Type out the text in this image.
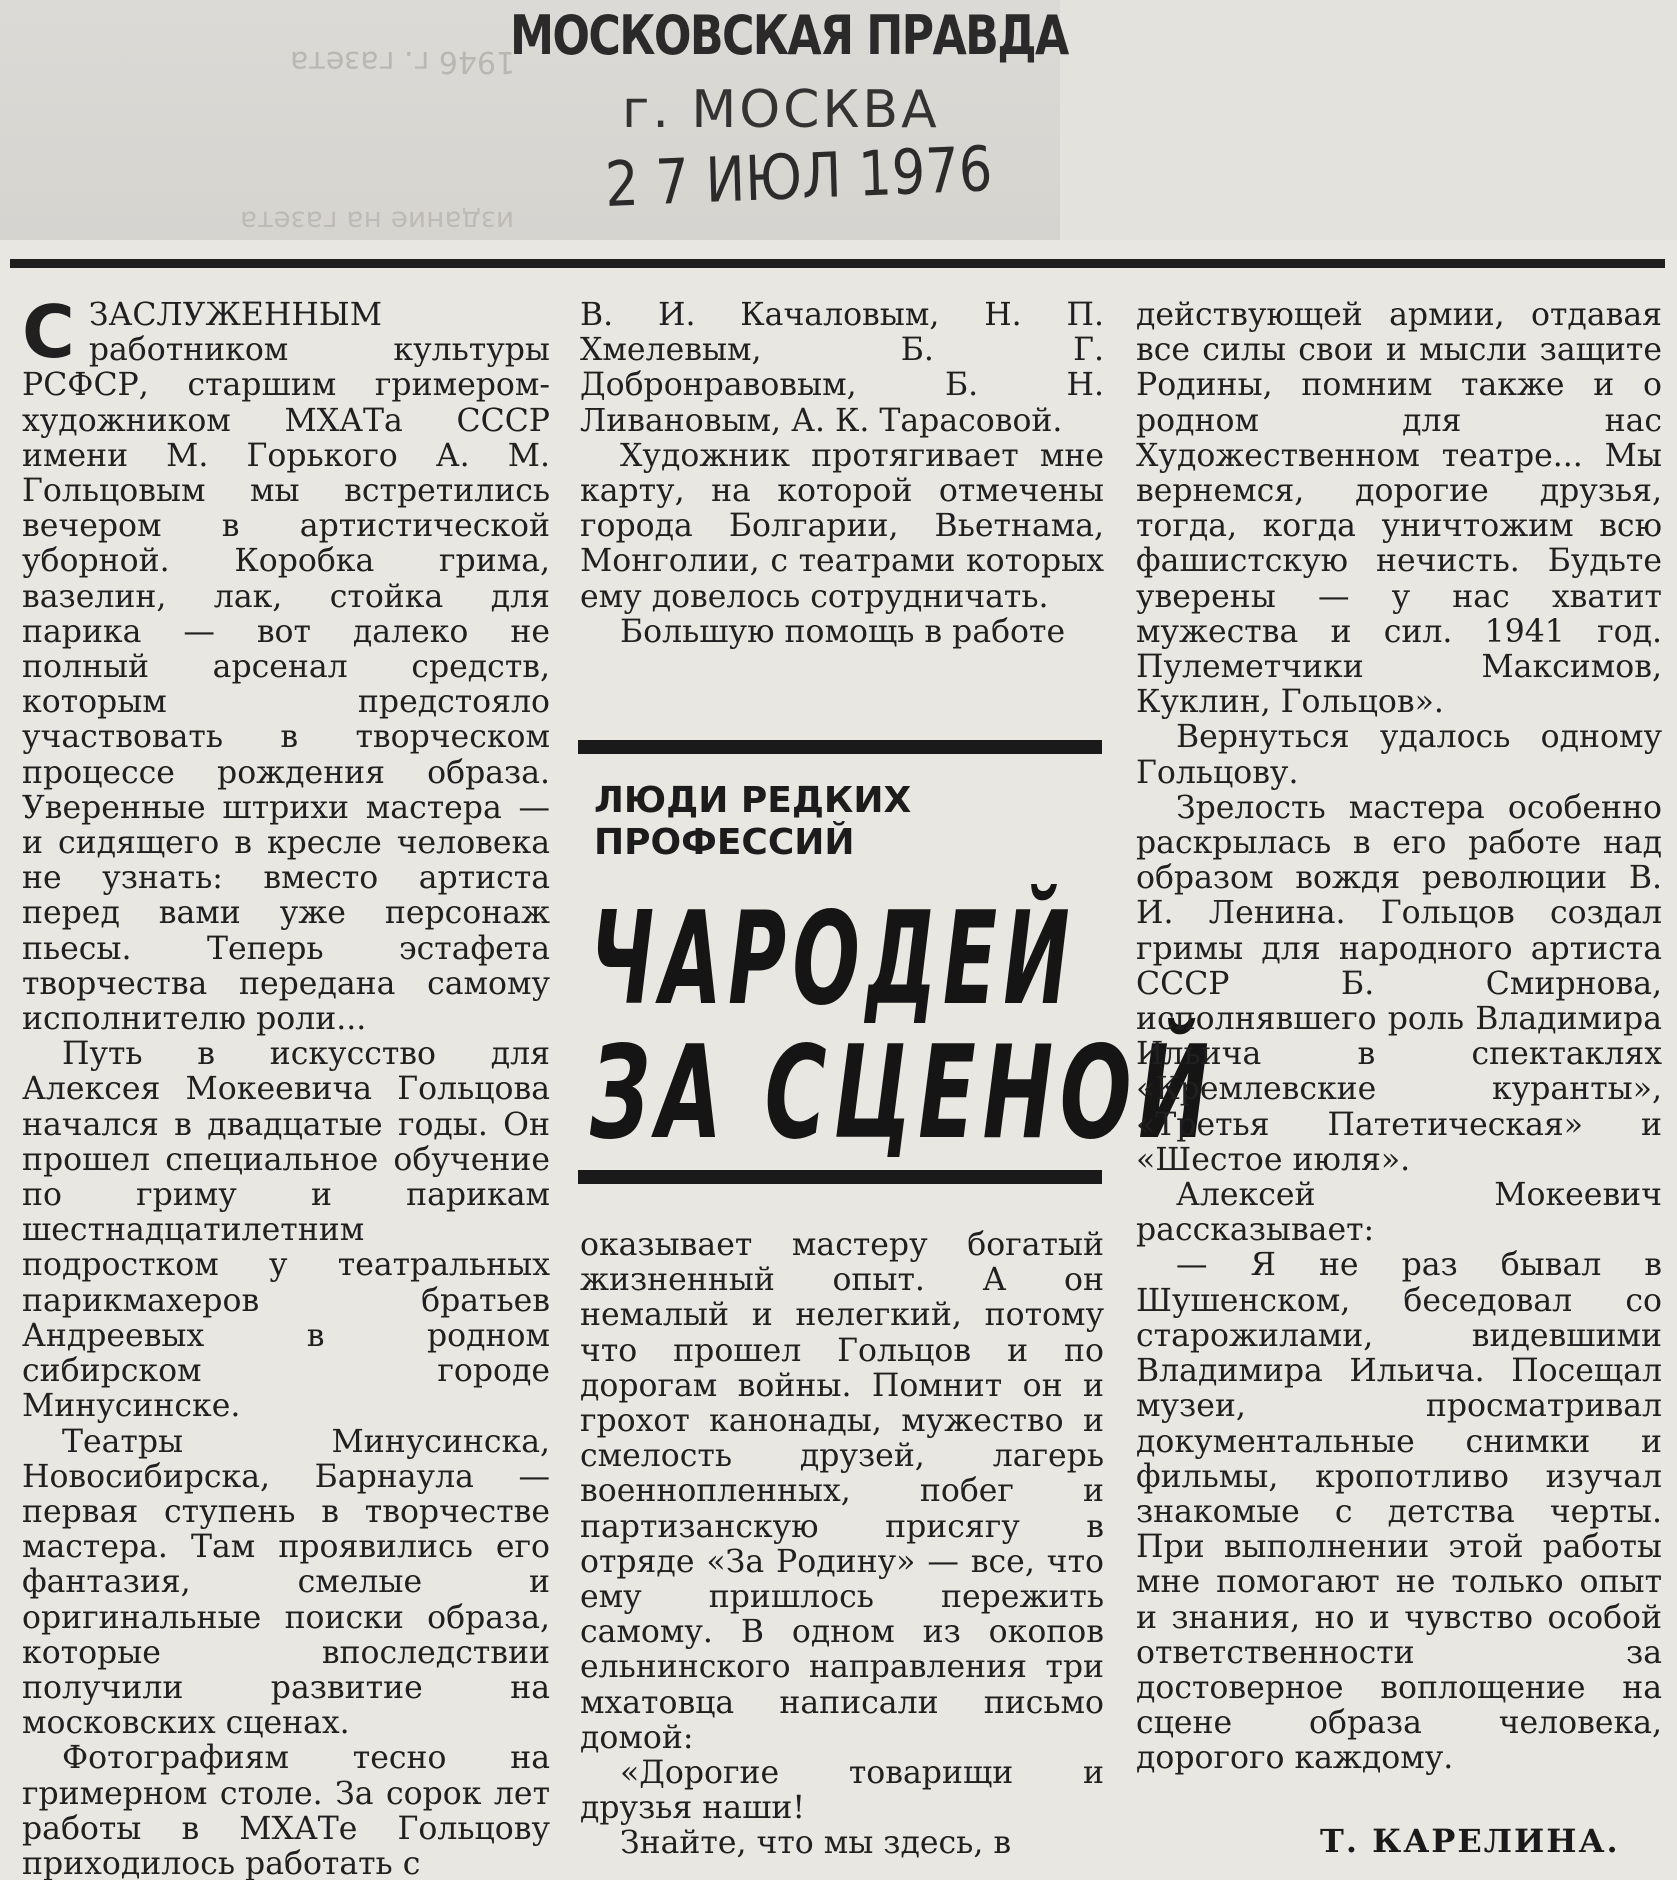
1946 г. газета
издание на газета
МОСКОВСКАЯ ПРАВДА
г. МОСКВА
2 7 ИЮЛ 1976

СЗАСЛУЖЕННЫМ работником культуры РСФСР, старшим гримером-художником МХАТа СССР имени М. Горького А. М. Гольцовым мы встретились вечером в артистической уборной. Коробка грима, вазелин, лак, стойка для парика — вот далеко не полный арсенал средств, которым предстояло участвовать в творческом процессе рождения образа. Уверенные штрихи мастера — и сидящего в кресле человека не узнать: вместо артиста перед вами уже персонаж пьесы. Теперь эстафета творчества передана самому исполнителю роли...

Путь в искусство для Алексея Мокеевича Гольцова начался в двадцатые годы. Он прошел специальное обучение по гриму и парикам шестнадцатилетним подростком у театральных парикмахеров братьев Андреевых в родном сибирском городе Минусинске.

Театры Минусинска, Новосибирска, Барнаула — первая ступень в творчестве мастера. Там проявились его фантазия, смелые и оригинальные поиски образа, которые впоследствии получили развитие на московских сценах.

Фотографиям тесно на гримерном столе. За сорок лет работы в МХАТе Гольцову приходилось работать с

В. И. Качаловым, Н. П. Хмелевым, Б. Г. Добронравовым, Б. Н. Ливановым, А. К. Тарасовой.

Художник протягивает мне карту, на которой отмечены города Болгарии, Вьетнама, Монголии, с театрами которых ему довелось сотрудничать.

Большую помощь в работе

ЛЮДИ РЕДКИХ ПРОФЕССИЙ
ЧАРОДЕЙ
ЗА СЦЕНОЙ

оказывает мастеру богатый жизненный опыт. А он немалый и нелегкий, потому что прошел Гольцов и по дорогам войны. Помнит он и грохот канонады, мужество и смелость друзей, лагерь военнопленных, побег и партизанскую присягу в отряде «За Родину» — все, что ему пришлось пережить самому. В одном из окопов ельнинского направления три мхатовца написали письмо домой:

«Дорогие товарищи и друзья наши!

Знайте, что мы здесь, в

действующей армии, отдавая все силы свои и мысли защите Родины, помним также и о родном для нас Художественном театре... Мы вернемся, дорогие друзья, тогда, когда уничтожим всю фашистскую нечисть. Будьте уверены — у нас хватит мужества и сил. 1941 год. Пулеметчики Максимов, Куклин, Гольцов».

Вернуться удалось одному Гольцову.

Зрелость мастера особенно раскрылась в его работе над образом вождя революции В. И. Ленина. Гольцов создал гримы для народного артиста СССР Б. Смирнова, исполнявшего роль Владимира Ильича в спектаклях «Кремлевские куранты», «Третья Патетическая» и «Шестое июля».

Алексей Мокеевич рассказывает:

— Я не раз бывал в Шушенском, беседовал со старожилами, видевшими Владимира Ильича. Посещал музеи, просматривал документальные снимки и фильмы, кропотливо изучал знакомые с детства черты. При выполнении этой работы мне помогают не только опыт и знания, но и чувство особой ответственности за достоверное воплощение на сцене образа человека, дорогого каждому.

Т. КАРЕЛИНА.
